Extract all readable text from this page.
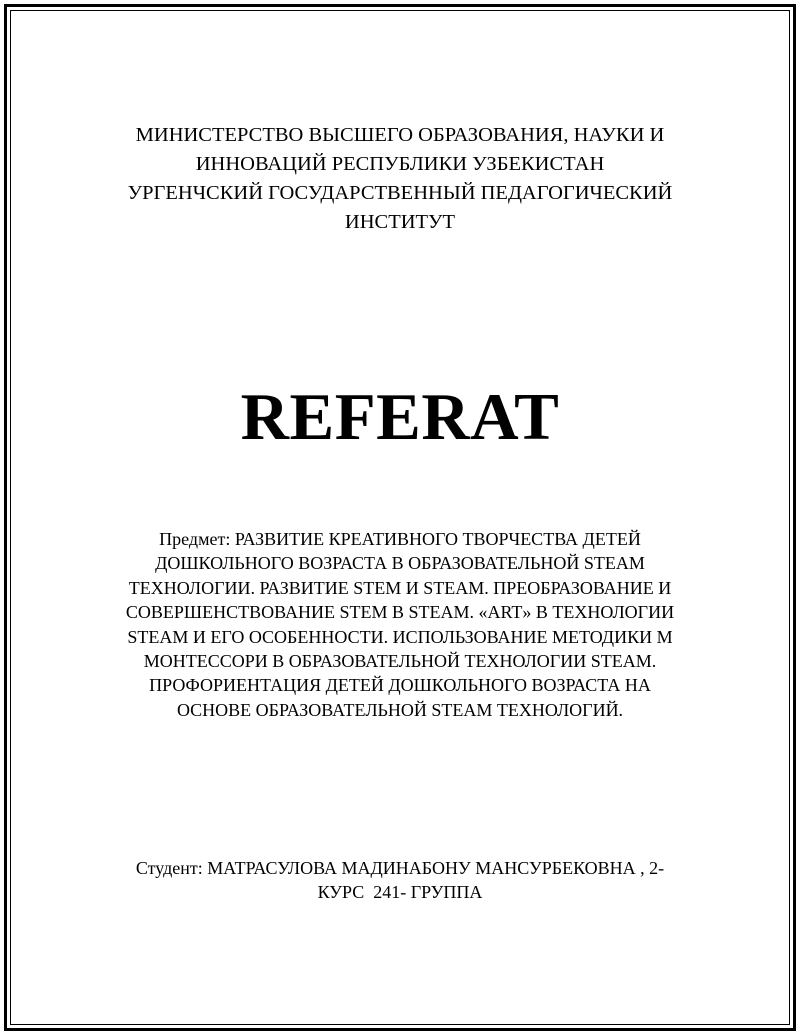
МИНИСТЕРСТВО ВЫСШЕГО ОБРАЗОВАНИЯ, НАУКИ И
ИННОВАЦИЙ РЕСПУБЛИКИ УЗБЕКИСТАН
УРГЕНЧСКИЙ ГОСУДАРСТВЕННЫЙ ПЕДАГОГИЧЕСКИЙ
ИНСТИТУТ
REFERAT
Предмет: РАЗВИТИЕ КРЕАТИВНОГО ТВОРЧЕСТВА ДЕТЕЙ
ДОШКОЛЬНОГО ВОЗРАСТА В ОБРАЗОВАТЕЛЬНОЙ STEAM
ТЕХНОЛОГИИ. РАЗВИТИЕ STEM И STEAM. ПРЕОБРАЗОВАНИЕ И
СОВЕРШЕНСТВОВАНИЕ STEM В STEAM. «ART» В ТЕХНОЛОГИИ
STEAM И ЕГО ОСОБЕННОСТИ. ИСПОЛЬЗОВАНИЕ МЕТОДИКИ М
МОНТЕССОРИ В ОБРАЗОВАТЕЛЬНОЙ ТЕХНОЛОГИИ STEAM.
ПРОФОРИЕНТАЦИЯ ДЕТЕЙ ДОШКОЛЬНОГО ВОЗРАСТА НА
ОСНОВЕ ОБРАЗОВАТЕЛЬНОЙ STEAM ТЕХНОЛОГИЙ.
Студент: МАТРАСУЛОВА МАДИНАБОНУ МАНСУРБЕКОВНА , 2-
КУРС  241- ГРУППА
